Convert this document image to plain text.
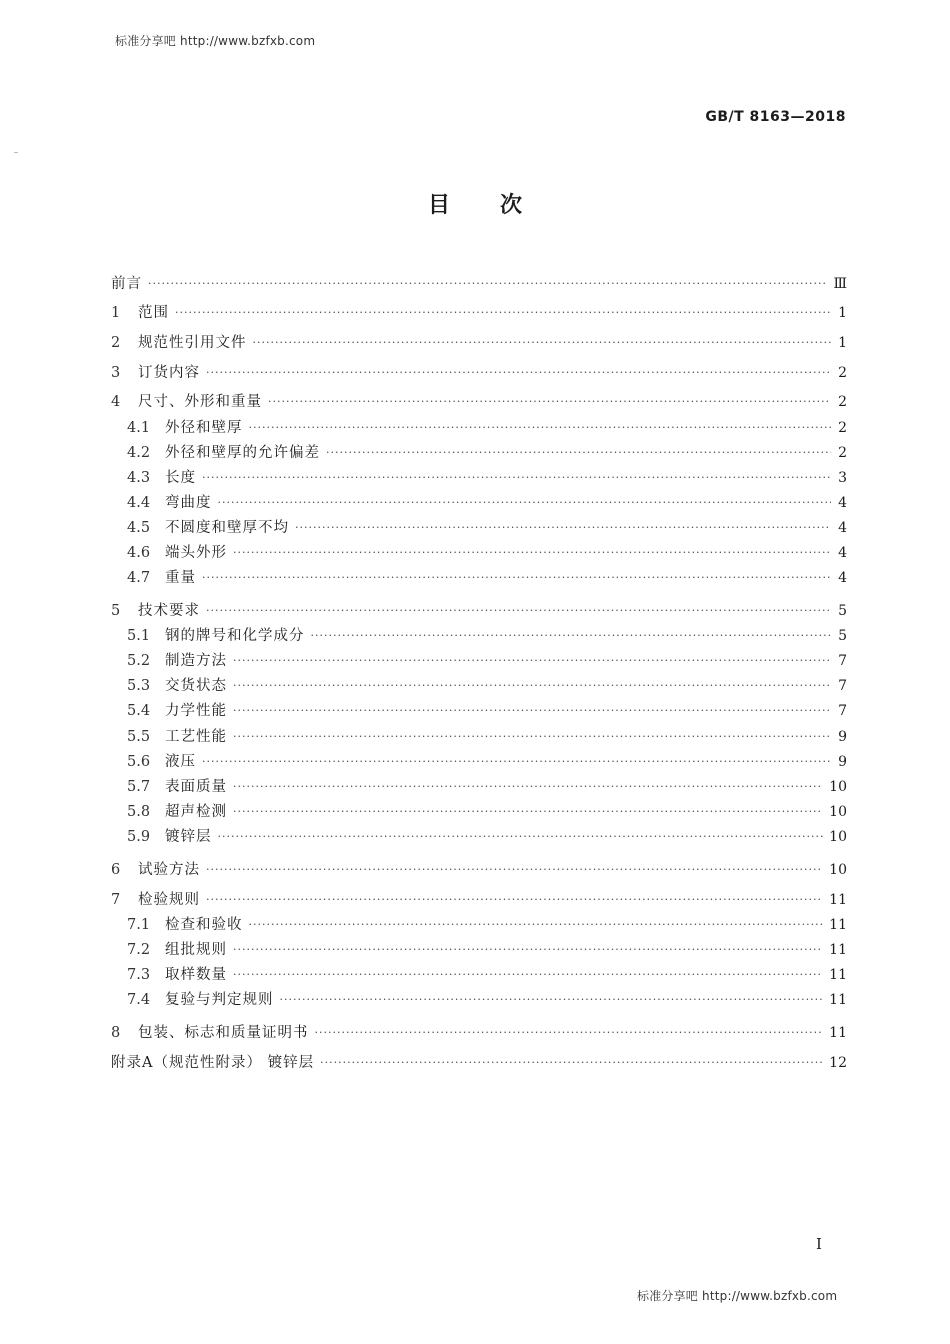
标准分享吧 http://www.bzfxb.com
GB/T 8163—2018
目次
前言 ·····	Ⅲ
1	范围 ·····	1
2	规范性引用文件 ·····	1
3	订货内容 ·····	2
4	尺寸、外形和重量 ·····	2
4.1	外径和壁厚 ·····	2
4.2	外径和壁厚的允许偏差 ·····	2
4.3	长度 ·····	3
4.4	弯曲度 ·····	4
4.5	不圆度和壁厚不均 ·····	4
4.6	端头外形 ·····	4
4.7	重量 ·····	4
5	技术要求 ·····	5
5.1	钢的牌号和化学成分 ·····	5
5.2	制造方法 ·····	7
5.3	交货状态 ·····	7
5.4	力学性能 ·····	7
5.5	工艺性能 ·····	9
5.6	液压 ·····	9
5.7	表面质量 ·····	10
5.8	超声检测 ·····	10
5.9	镀锌层 ·····	10
6	试验方法 ·····	10
7	检验规则 ·····	11
7.1	检查和验收 ·····	11
7.2	组批规则 ·····	11
7.3	取样数量 ·····	11
7.4	复验与判定规则 ·····	11
8	包装、标志和质量证明书 ·····	11
附录A（规范性附录） 镀锌层 ·····	12
I
标准分享吧 http://www.bzfxb.com
